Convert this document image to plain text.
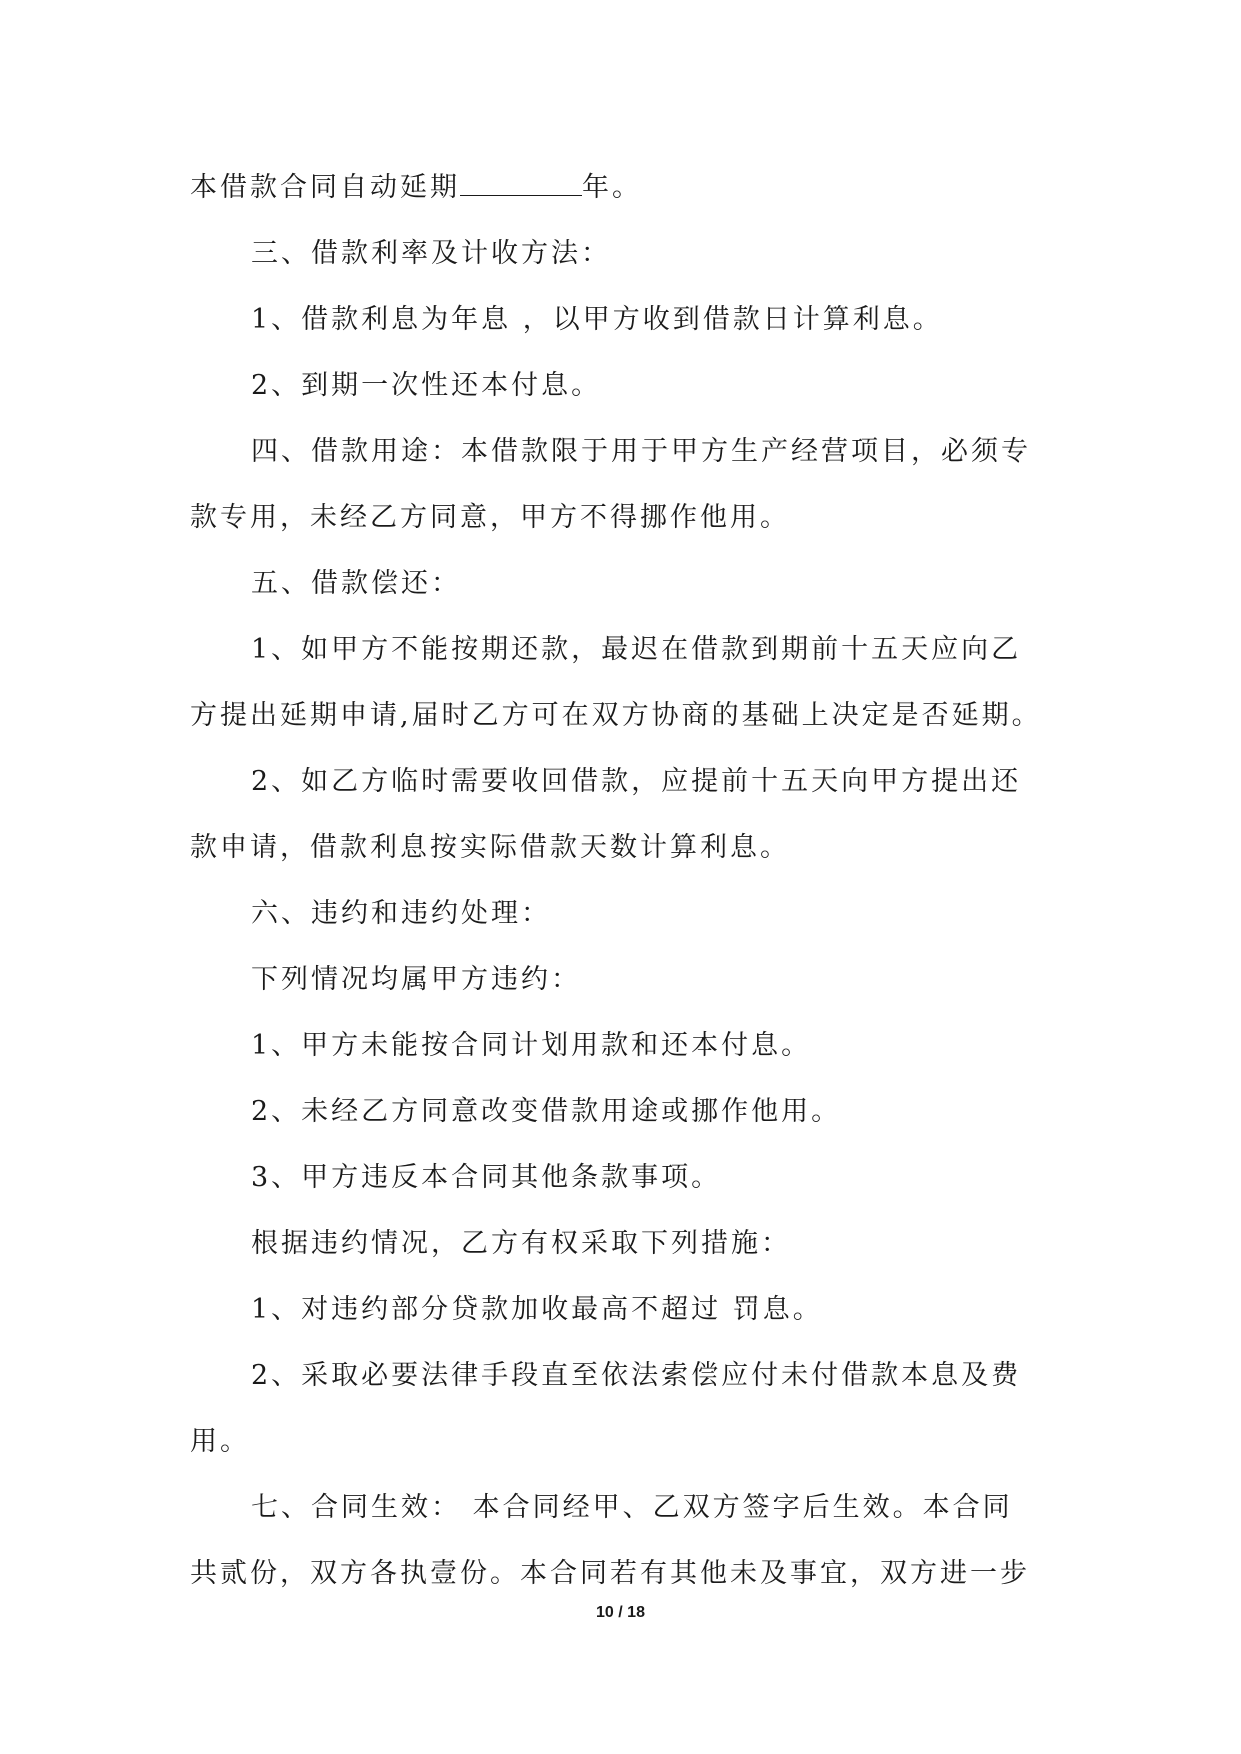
本借款合同自动延期	年。

三、借款利率及计收方法：

1、借款利息为年息 ，以甲方收到借款日计算利息。

2、到期一次性还本付息。

四、借款用途：本借款限于用于甲方生产经营项目，必须专

款专用，未经乙方同意，甲方不得挪作他用。

五、借款偿还：

1、如甲方不能按期还款，最迟在借款到期前十五天应向乙

方提出延期申请,届时乙方可在双方协商的基础上决定是否延期。

2、如乙方临时需要收回借款，应提前十五天向甲方提出还

款申请，借款利息按实际借款天数计算利息。

六、违约和违约处理：

下列情况均属甲方违约：

1、甲方未能按合同计划用款和还本付息。

2、未经乙方同意改变借款用途或挪作他用。

3、甲方违反本合同其他条款事项。

根据违约情况，乙方有权采取下列措施：

1、对违约部分贷款加收最高不超过 罚息。

2、采取必要法律手段直至依法索偿应付未付借款本息及费

用。

七、合同生效： 本合同经甲、乙双方签字后生效。本合同

共贰份，双方各执壹份。本合同若有其他未及事宜，双方进一步

10 / 18
